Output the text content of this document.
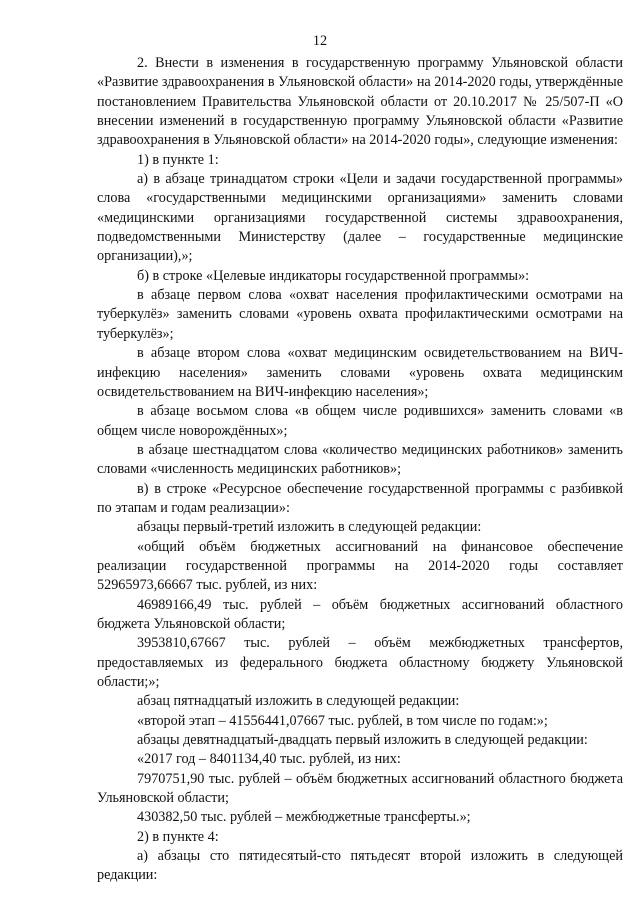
12

2. Внести в изменения в государственную программу Ульяновской области «Развитие здравоохранения в Ульяновской области» на 2014-2020 годы, утверждённые постановлением Правительства Ульяновской области от 20.10.2017 № 25/507-П «О внесении изменений в государственную программу Ульяновской области «Развитие здравоохранения в Ульяновской области» на 2014-2020 годы», следующие изменения:

1) в пункте 1:

а) в абзаце тринадцатом строки «Цели и задачи государственной программы» слова «государственными медицинскими организациями» заменить словами «медицинскими организациями государственной системы здравоохранения, подведомственными Министерству (далее – государственные медицинские организации),»;

б) в строке «Целевые индикаторы государственной программы»:

в абзаце первом слова «охват населения профилактическими осмотрами на туберкулёз» заменить словами «уровень охвата профилактическими осмотрами на туберкулёз»;

в абзаце втором слова «охват медицинским освидетельствованием на ВИЧ-инфекцию населения» заменить словами «уровень охвата медицинским освидетельствованием на ВИЧ-инфекцию населения»;

в абзаце восьмом слова «в общем числе родившихся» заменить словами «в общем числе новорождённых»;

в абзаце шестнадцатом слова «количество медицинских работников» заменить словами «численность медицинских работников»;

в) в строке «Ресурсное обеспечение государственной программы с разбивкой по этапам и годам реализации»:

абзацы первый-третий изложить в следующей редакции:

«общий объём бюджетных ассигнований на финансовое обеспечение реализации государственной программы на 2014-2020 годы составляет 52965973,66667 тыс. рублей, из них:

46989166,49 тыс. рублей – объём бюджетных ассигнований областного бюджета Ульяновской области;

3953810,67667 тыс. рублей – объём межбюджетных трансфертов, предоставляемых из федерального бюджета областному бюджету Ульяновской области;»;

абзац пятнадцатый изложить в следующей редакции:

«второй этап – 41556441,07667 тыс. рублей, в том числе по годам:»;

абзацы девятнадцатый-двадцать первый изложить в следующей редакции:

«2017 год – 8401134,40 тыс. рублей, из них:

7970751,90 тыс. рублей – объём бюджетных ассигнований областного бюджета Ульяновской области;

430382,50 тыс. рублей – межбюджетные трансферты.»;

2) в пункте 4:

а) абзацы сто пятидесятый-сто пятьдесят второй изложить в следующей редакции:
